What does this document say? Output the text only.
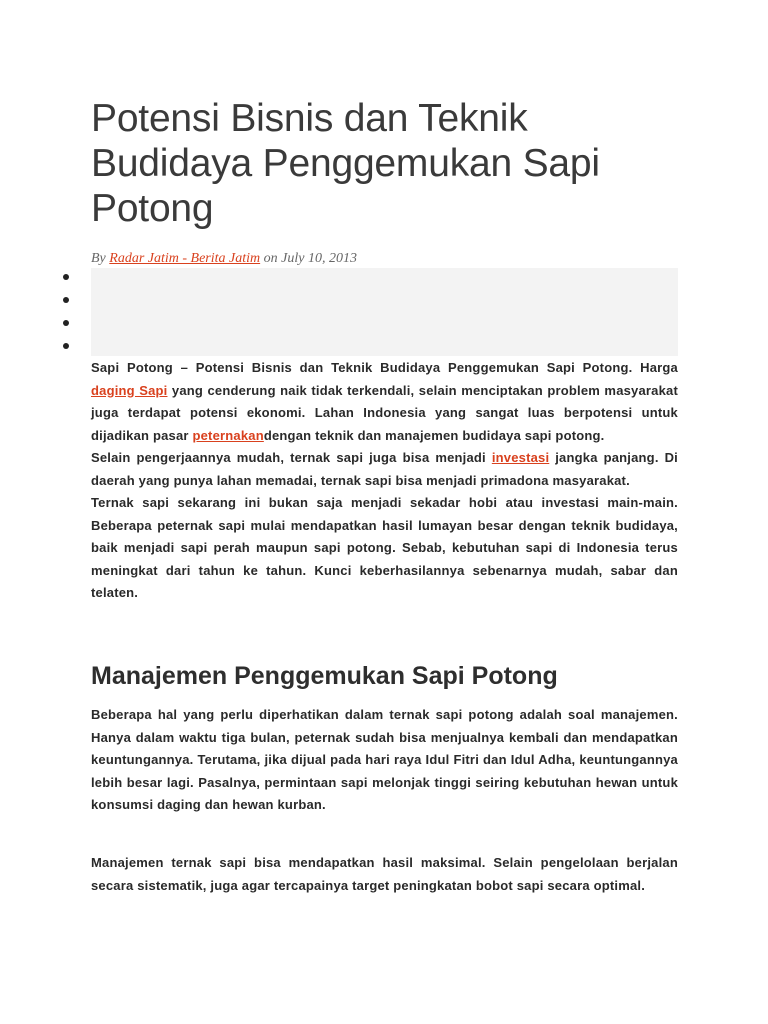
Potensi Bisnis dan Teknik Budidaya Penggemukan Sapi Potong
By Radar Jatim - Berita Jatim on July 10, 2013

Sapi Potong – Potensi Bisnis dan Teknik Budidaya Penggemukan Sapi Potong. Harga daging Sapi yang cenderung naik tidak terkendali, selain menciptakan problem masyarakat juga terdapat potensi ekonomi. Lahan Indonesia yang sangat luas berpotensi untuk dijadikan pasar peternakandengan teknik dan manajemen budidaya sapi potong.

Selain pengerjaannya mudah, ternak sapi juga bisa menjadi investasi jangka panjang. Di daerah yang punya lahan memadai, ternak sapi bisa menjadi primadona masyarakat.

Ternak sapi sekarang ini bukan saja menjadi sekadar hobi atau investasi main-main. Beberapa peternak sapi mulai mendapatkan hasil lumayan besar dengan teknik budidaya, baik menjadi sapi perah maupun sapi potong. Sebab, kebutuhan sapi di Indonesia terus meningkat dari tahun ke tahun. Kunci keberhasilannya sebenarnya mudah, sabar dan telaten.

Manajemen Penggemukan Sapi Potong

Beberapa hal yang perlu diperhatikan dalam ternak sapi potong adalah soal manajemen. Hanya dalam waktu tiga bulan, peternak sudah bisa menjualnya kembali dan mendapatkan keuntungannya. Terutama, jika dijual pada hari raya Idul Fitri dan Idul Adha, keuntungannya lebih besar lagi. Pasalnya, permintaan sapi melonjak tinggi seiring kebutuhan hewan untuk konsumsi daging dan hewan kurban.

Manajemen ternak sapi bisa mendapatkan hasil maksimal. Selain pengelolaan berjalan secara sistematik, juga agar tercapainya target peningkatan bobot sapi secara optimal.
